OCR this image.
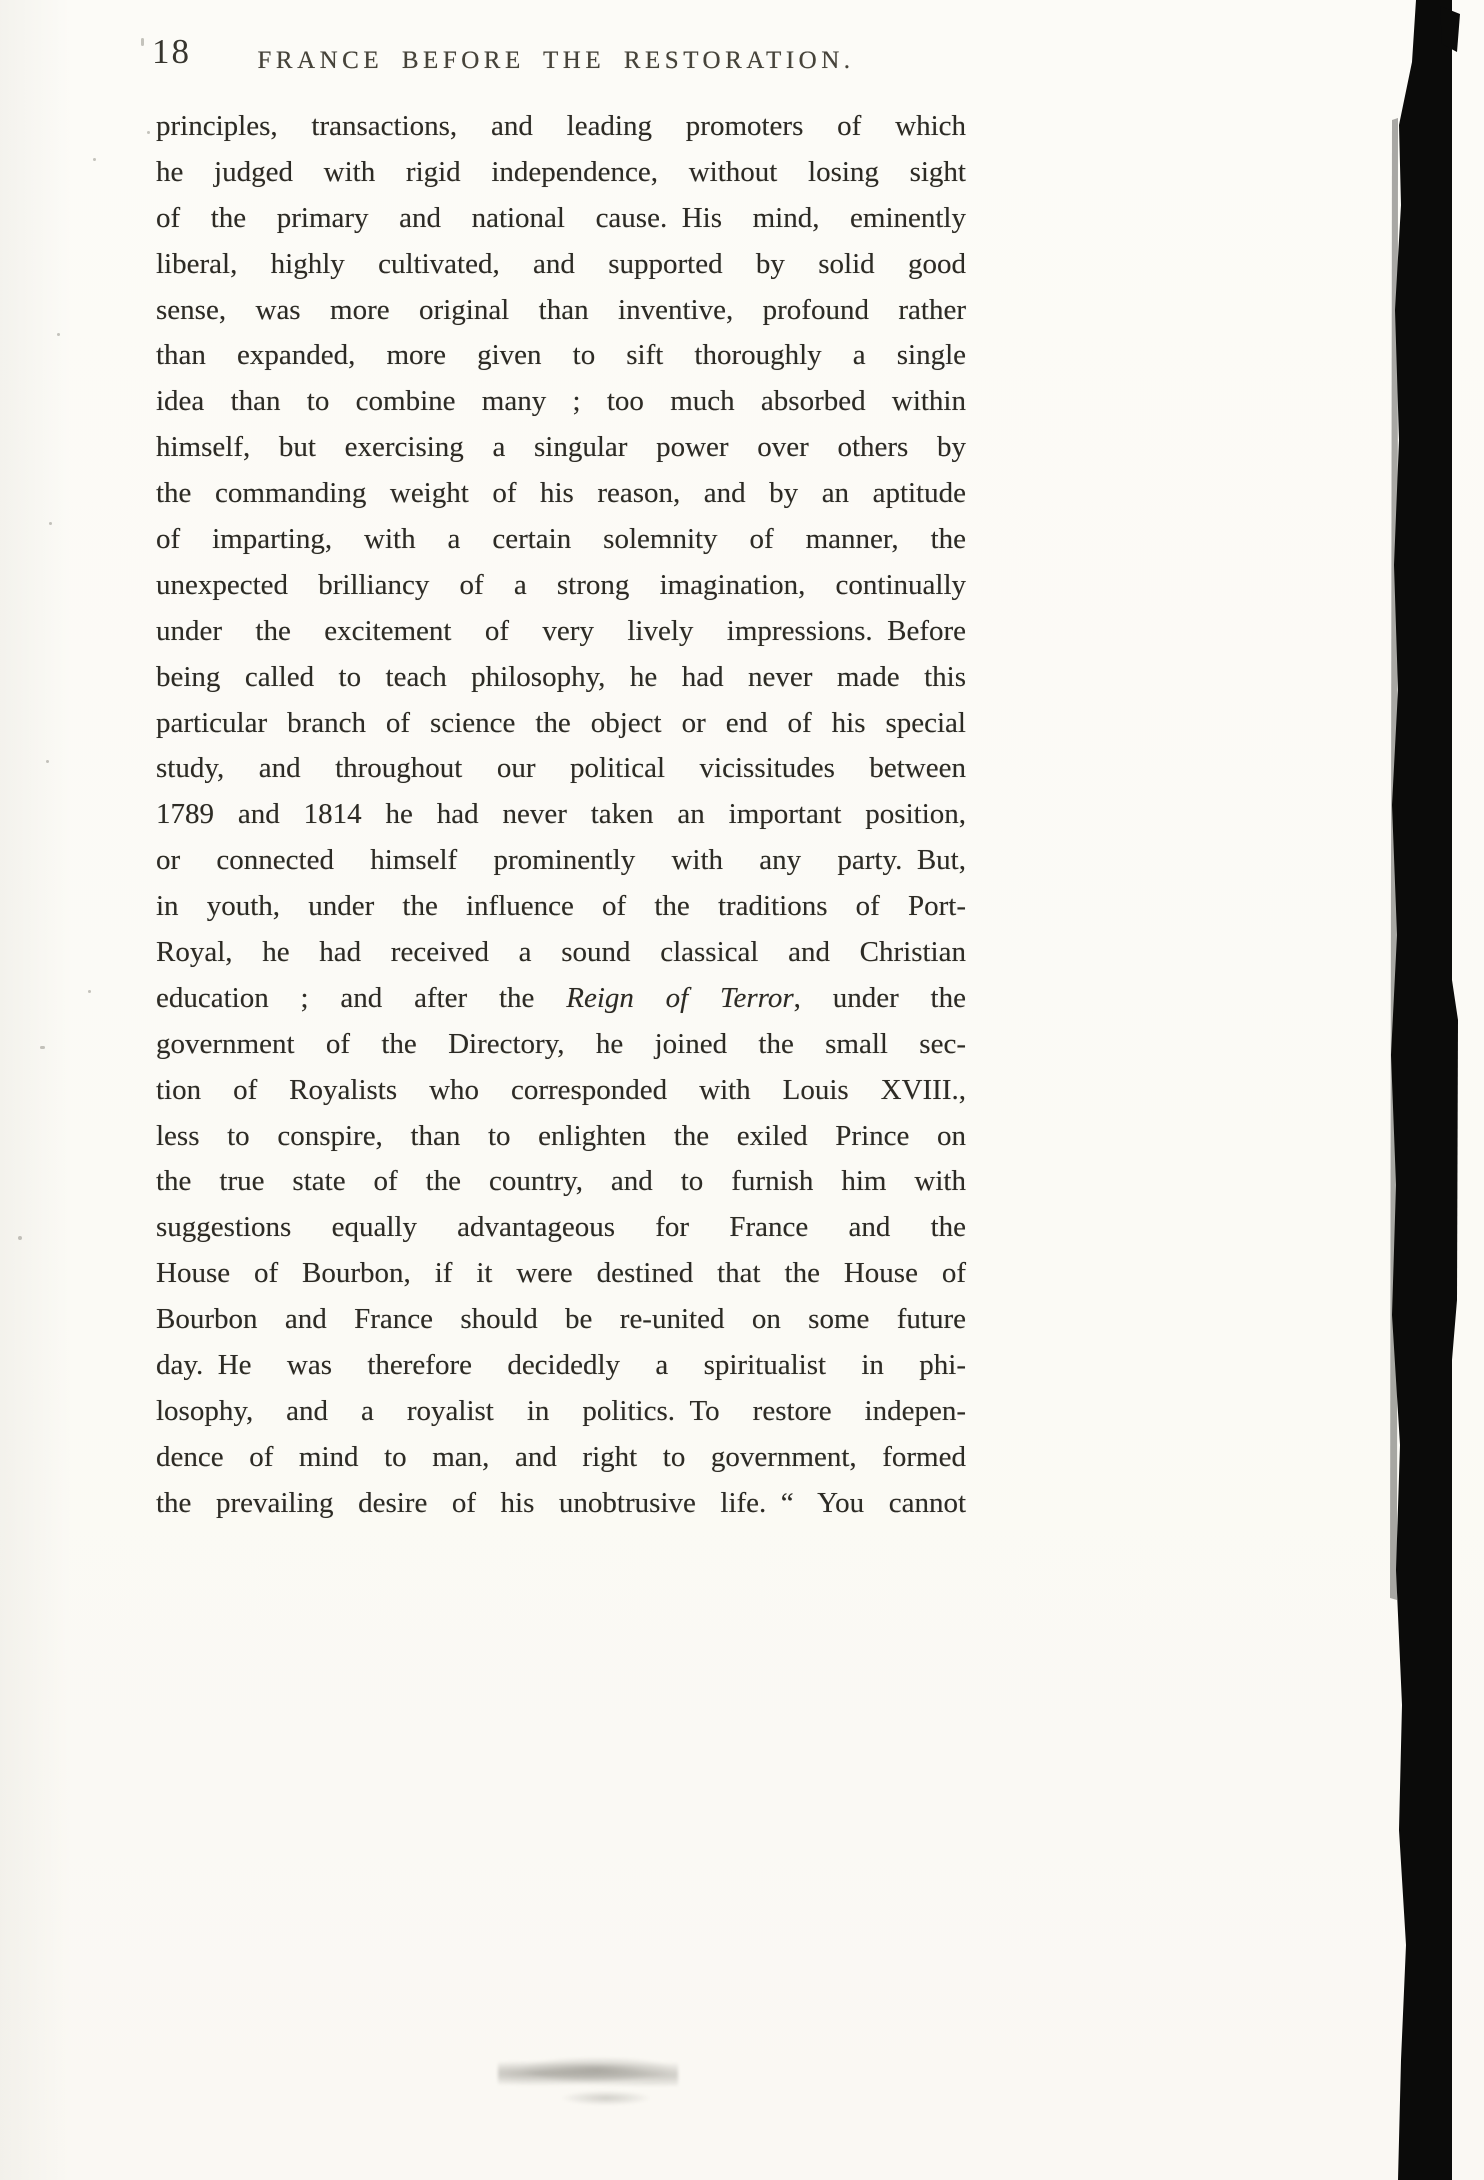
18	FRANCE BEFORE THE RESTORATION.
principles, transactions, and leading promoters of which
he judged with rigid independence, without losing sight
of the primary and national cause. His mind, eminently
liberal, highly cultivated, and supported by solid good
sense, was more original than inventive, profound rather
than expanded, more given to sift thoroughly a single
idea than to combine many ; too much absorbed within
himself, but exercising a singular power over others by
the commanding weight of his reason, and by an aptitude
of imparting, with a certain solemnity of manner, the
unexpected brilliancy of a strong imagination, continually
under the excitement of very lively impressions. Before
being called to teach philosophy, he had never made this
particular branch of science the object or end of his special
study, and throughout our political vicissitudes between
1789 and 1814 he had never taken an important position,
or connected himself prominently with any party. But,
in youth, under the influence of the traditions of Port-
Royal, he had received a sound classical and Christian
education ; and after the Reign of Terror, under the
government of the Directory, he joined the small sec-
tion of Royalists who corresponded with Louis XVIII.,
less to conspire, than to enlighten the exiled Prince on
the true state of the country, and to furnish him with
suggestions equally advantageous for France and the
House of Bourbon, if it were destined that the House of
Bourbon and France should be re-united on some future
day. He was therefore decidedly a spiritualist in phi-
losophy, and a royalist in politics. To restore indepen-
dence of mind to man, and right to government, formed
the prevailing desire of his unobtrusive life. “ You cannot
